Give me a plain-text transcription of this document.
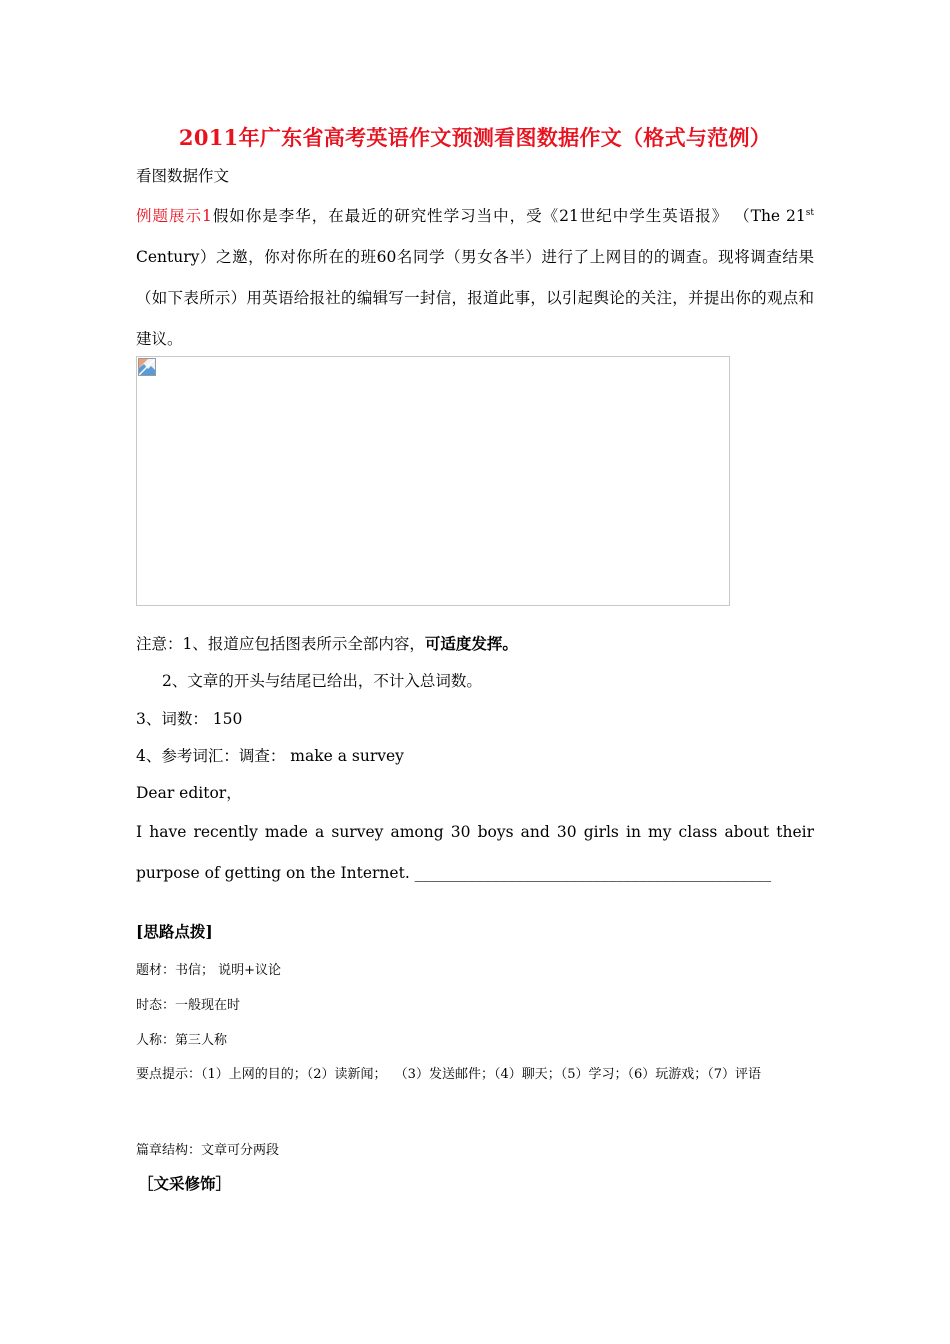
2011年广东省高考英语作文预测看图数据作文（格式与范例）
看图数据作文
例题展示1假如你是李华，在最近的研究性学习当中，受《21世纪中学生英语报》 （The 21st Century）之邀，你对你所在的班60名同学（男女各半）进行了上网目的的调查。现将调查结果（如下表所示）用英语给报社的编辑写一封信，报道此事，以引起舆论的关注，并提出你的观点和建议。
注意：1、报道应包括图表所示全部内容，可适度发挥。
2、文章的开头与结尾已给出，不计入总词数。
3、词数： 150
4、参考词汇：调查： make a survey
Dear editor，
I have recently made a survey among 30 boys and 30 girls in my class about their purpose of getting on the Internet. ______________________________________________
[思路点拨]
题材：书信； 说明+议论
时态：一般现在时
人称：第三人称
要点提示：（1）上网的目的；（2）读新闻； （3）发送邮件；（4）聊天；（5）学习；（6）玩游戏；（7）评语
篇章结构：文章可分两段
［文采修饰］
